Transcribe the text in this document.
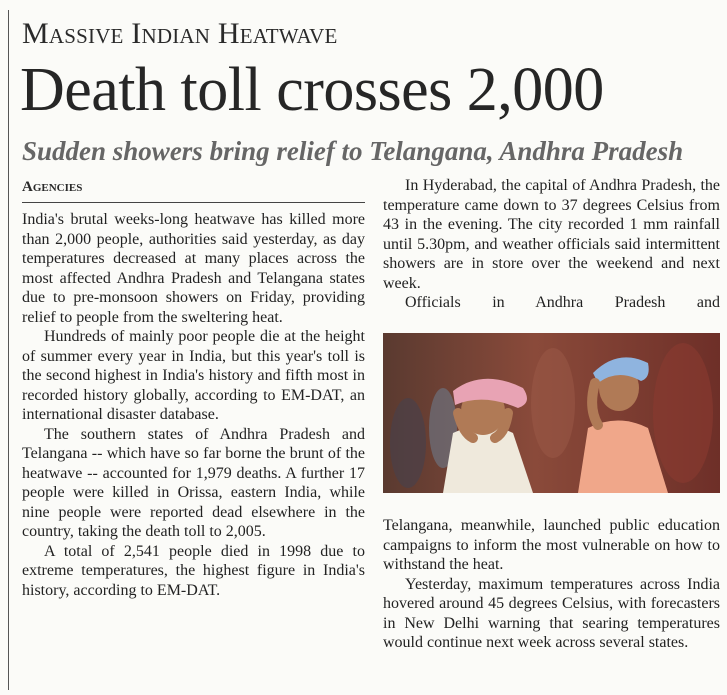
Massive Indian Heatwave
Death toll crosses 2,000
Sudden showers bring relief to Telangana, Andhra Pradesh
Agencies

India's brutal weeks-long heatwave has killed more than 2,000 people, authorities said yesterday, as day temperatures decreased at many places across the most affected Andhra Pradesh and Telangana states due to pre-monsoon showers on Friday, providing relief to people from the sweltering heat.

Hundreds of mainly poor people die at the height of summer every year in India, but this year's toll is the second highest in India's history and fifth most in recorded history globally, according to EM-DAT, an international disaster database.

The southern states of Andhra Pradesh and Telangana -- which have so far borne the brunt of the heatwave -- accounted for 1,979 deaths. A further 17 people were killed in Orissa, eastern India, while nine people were reported dead elsewhere in the country, taking the death toll to 2,005.

A total of 2,541 people died in 1998 due to extreme temperatures, the highest figure in India's history, according to EM-DAT.

In Hyderabad, the capital of Andhra Pradesh, the temperature came down to 37 degrees Celsius from 43 in the evening. The city recorded 1 mm rainfall until 5.30pm, and weather officials said intermittent showers are in store over the weekend and next week.

Officials in Andhra Pradesh and

Telangana, meanwhile, launched public education campaigns to inform the most vulnerable on how to withstand the heat.

Yesterday, maximum temperatures across India hovered around 45 degrees Celsius, with forecasters in New Delhi warning that searing temperatures would continue next week across several states.
